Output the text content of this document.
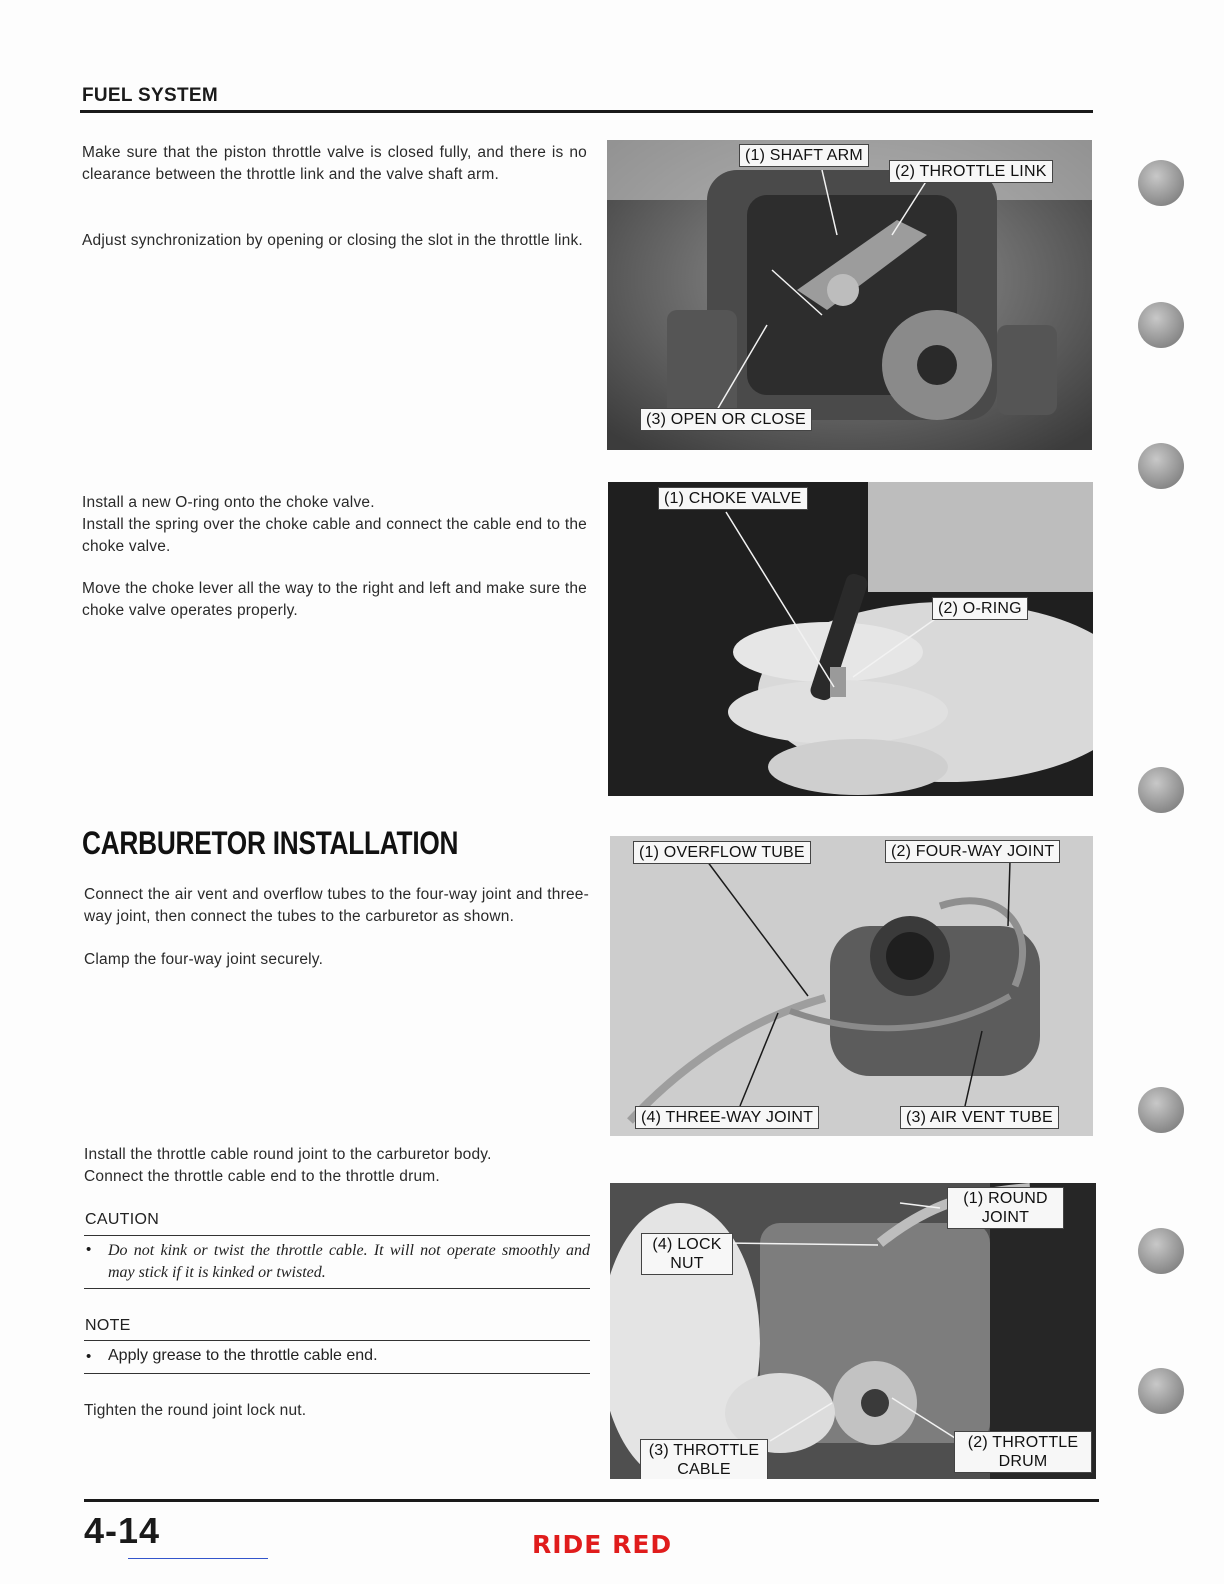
FUEL SYSTEM
Make sure that the piston throttle valve is closed fully, and there is no clearance between the throttle link and the valve shaft arm.
Adjust synchronization by opening or closing the slot in the throttle link.
Install a new O-ring onto the choke valve.
Install the spring over the choke cable and connect the cable end to the choke valve.
Move the choke lever all the way to the right and left and make sure the choke valve operates properly.
CARBURETOR INSTALLATION
Connect the air vent and overflow tubes to the four-way joint and three-way joint, then connect the tubes to the carburetor as shown.
Clamp the four-way joint securely.
Install the throttle cable round joint to the carburetor body.
Connect the throttle cable end to the throttle drum.
CAUTION
• Do not kink or twist the throttle cable. It will not operate smoothly and may stick if it is kinked or twisted.
NOTE
• Apply grease to the throttle cable end.
Tighten the round joint lock nut.
(1) SHAFT ARM
(2) THROTTLE LINK
(3) OPEN OR CLOSE
(1) CHOKE VALVE
(2) O-RING
(1) OVERFLOW TUBE	(2) FOUR-WAY JOINT
(3) AIR VENT TUBE
(4) THREE-WAY JOINT
(1) ROUND JOINT
(2) THROTTLE DRUM
(3) THROTTLE CABLE
(4) LOCK NUT
4-14	RIDE RED
